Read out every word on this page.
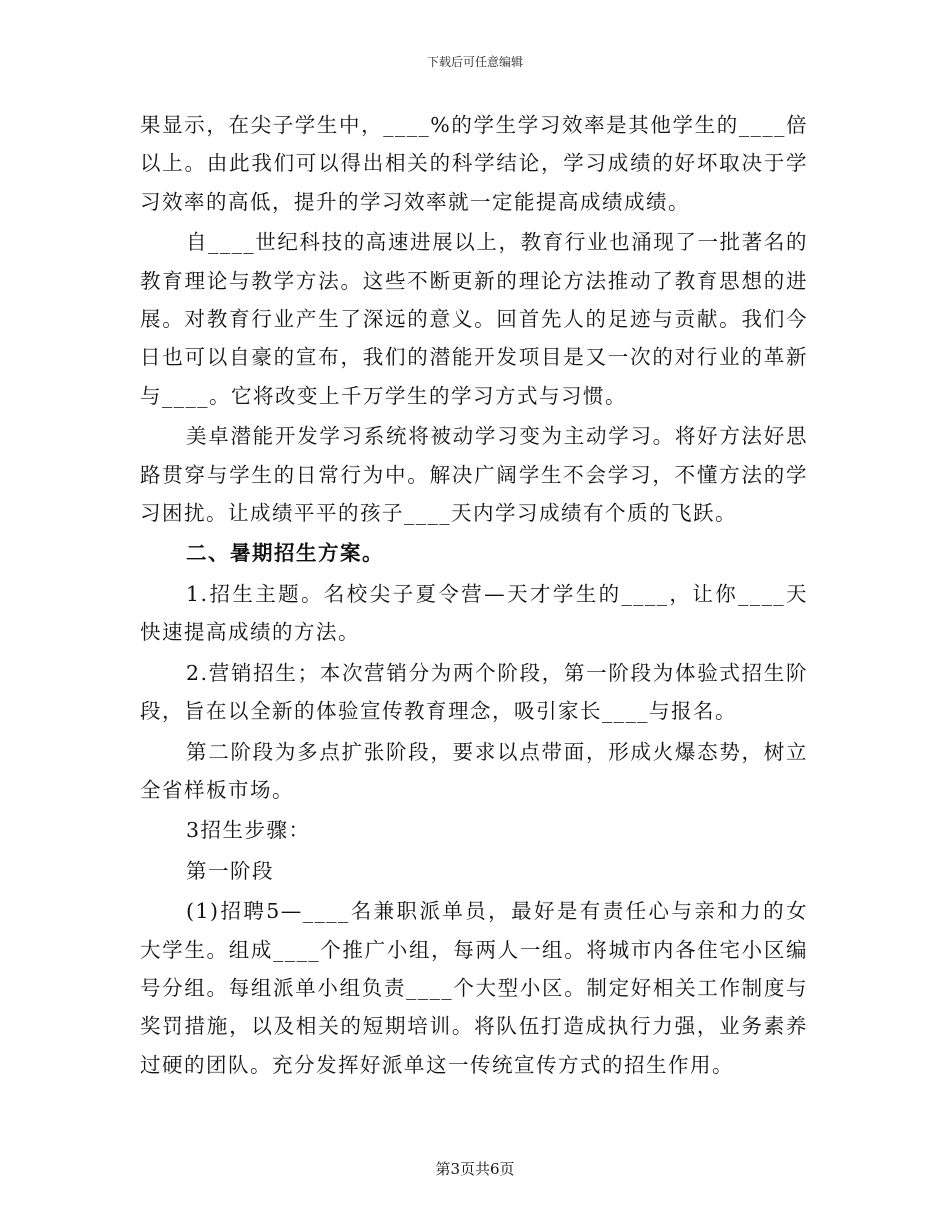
下载后可任意编辑

果显示，在尖子学生中，____%的学生学习效率是其他学生的____倍以上。由此我们可以得出相关的科学结论，学习成绩的好坏取决于学习效率的高低，提升的学习效率就一定能提高成绩成绩。

自____世纪科技的高速进展以上，教育行业也涌现了一批著名的教育理论与教学方法。这些不断更新的理论方法推动了教育思想的进展。对教育行业产生了深远的意义。回首先人的足迹与贡献。我们今日也可以自豪的宣布，我们的潜能开发项目是又一次的对行业的革新与____。它将改变上千万学生的学习方式与习惯。

美卓潜能开发学习系统将被动学习变为主动学习。将好方法好思路贯穿与学生的日常行为中。解决广阔学生不会学习，不懂方法的学习困扰。让成绩平平的孩子____天内学习成绩有个质的飞跃。

二、暑期招生方案。

1.招生主题。名校尖子夏令营—天才学生的____，让你____天快速提高成绩的方法。

2.营销招生；本次营销分为两个阶段，第一阶段为体验式招生阶段，旨在以全新的体验宣传教育理念，吸引家长____与报名。

第二阶段为多点扩张阶段，要求以点带面，形成火爆态势，树立全省样板市场。

3招生步骤：

第一阶段

(1)招聘5—____名兼职派单员，最好是有责任心与亲和力的女大学生。组成____个推广小组，每两人一组。将城市内各住宅小区编号分组。每组派单小组负责____个大型小区。制定好相关工作制度与奖罚措施，以及相关的短期培训。将队伍打造成执行力强，业务素养过硬的团队。充分发挥好派单这一传统宣传方式的招生作用。

第3页共6页
